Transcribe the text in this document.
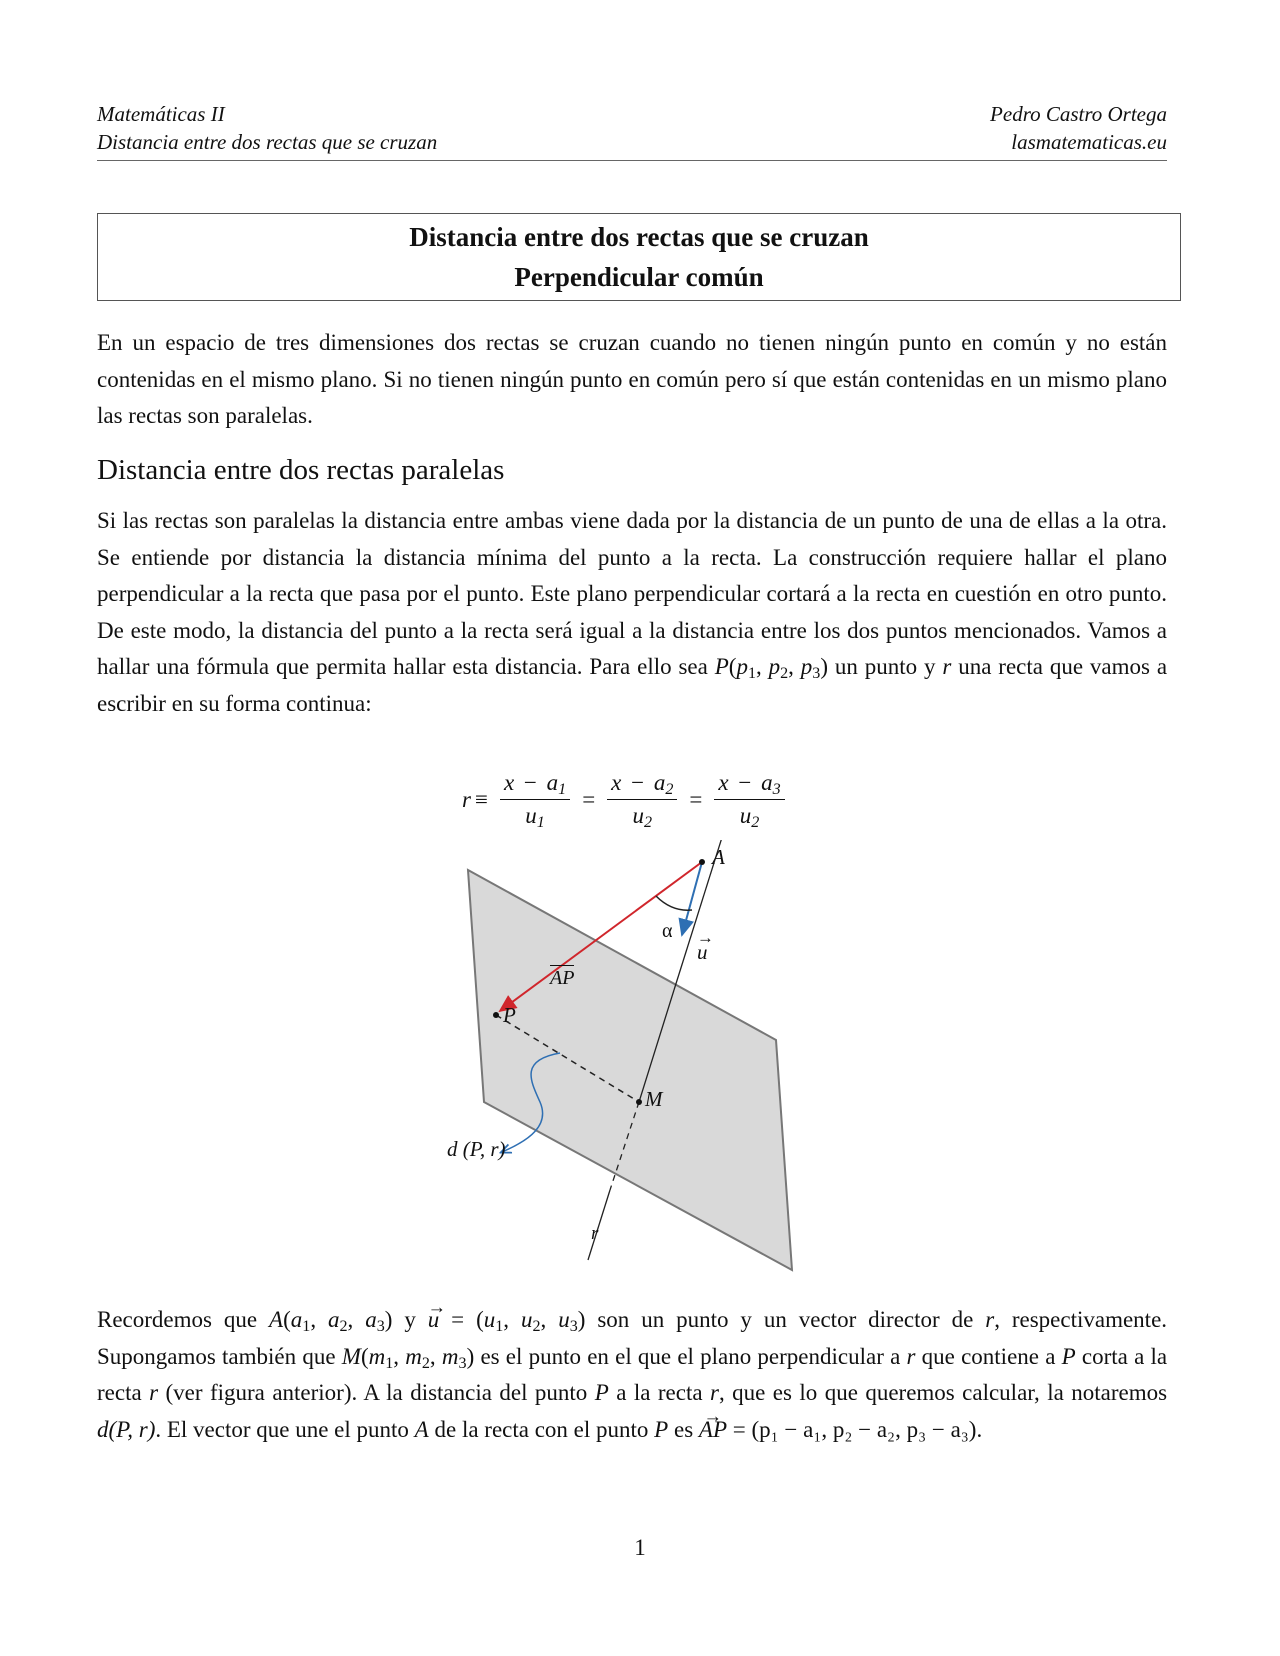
Matemáticas II	Pedro Castro Ortega
Distancia entre dos rectas que se cruzan	lasmatematicas.eu
Distancia entre dos rectas que se cruzan
Perpendicular común
En un espacio de tres dimensiones dos rectas se cruzan cuando no tienen ningún punto en común y no están contenidas en el mismo plano. Si no tienen ningún punto en común pero sí que están contenidas en un mismo plano las rectas son paralelas.
Distancia entre dos rectas paralelas
Si las rectas son paralelas la distancia entre ambas viene dada por la distancia de un punto de una de ellas a la otra. Se entiende por distancia la distancia mínima del punto a la recta. La construcción requiere hallar el plano perpendicular a la recta que pasa por el punto. Este plano perpendicular cortará a la recta en cuestión en otro punto. De este modo, la distancia del punto a la recta será igual a la distancia entre los dos puntos mencionados. Vamos a hallar una fórmula que permita hallar esta distancia. Para ello sea $P(p_1$, $p_2$, $p_3$) un punto y r una recta que vamos a escribir en su forma continua:
$r \equiv \frac{x - a_1}{u_1} = \frac{x - a_2}{u_2} = \frac{x - a_3}{u_2}$
A
α
→ u
AP
P
M
d (P, r)
r
Recordemos que $A(a_1$, $a_2$, $a_3$) $y \to u = (u_1$, $u_2$, $u_3$) son un punto y un vector director de r, respectivamente. Supongamos también que $M(m_1$, $m_2$, $m_3$) es el punto en el que el plano perpendicular a r que contiene a P corta a la recta r (ver figura anterior). A la distancia del punto P a la recta r, que es lo que queremos calcular, la notaremos d(P, r). El vector que une el punto A de la recta con el punto P es → AP = (p₁ − a₁, p₂ − a₂, p₃ − a₃).
1
